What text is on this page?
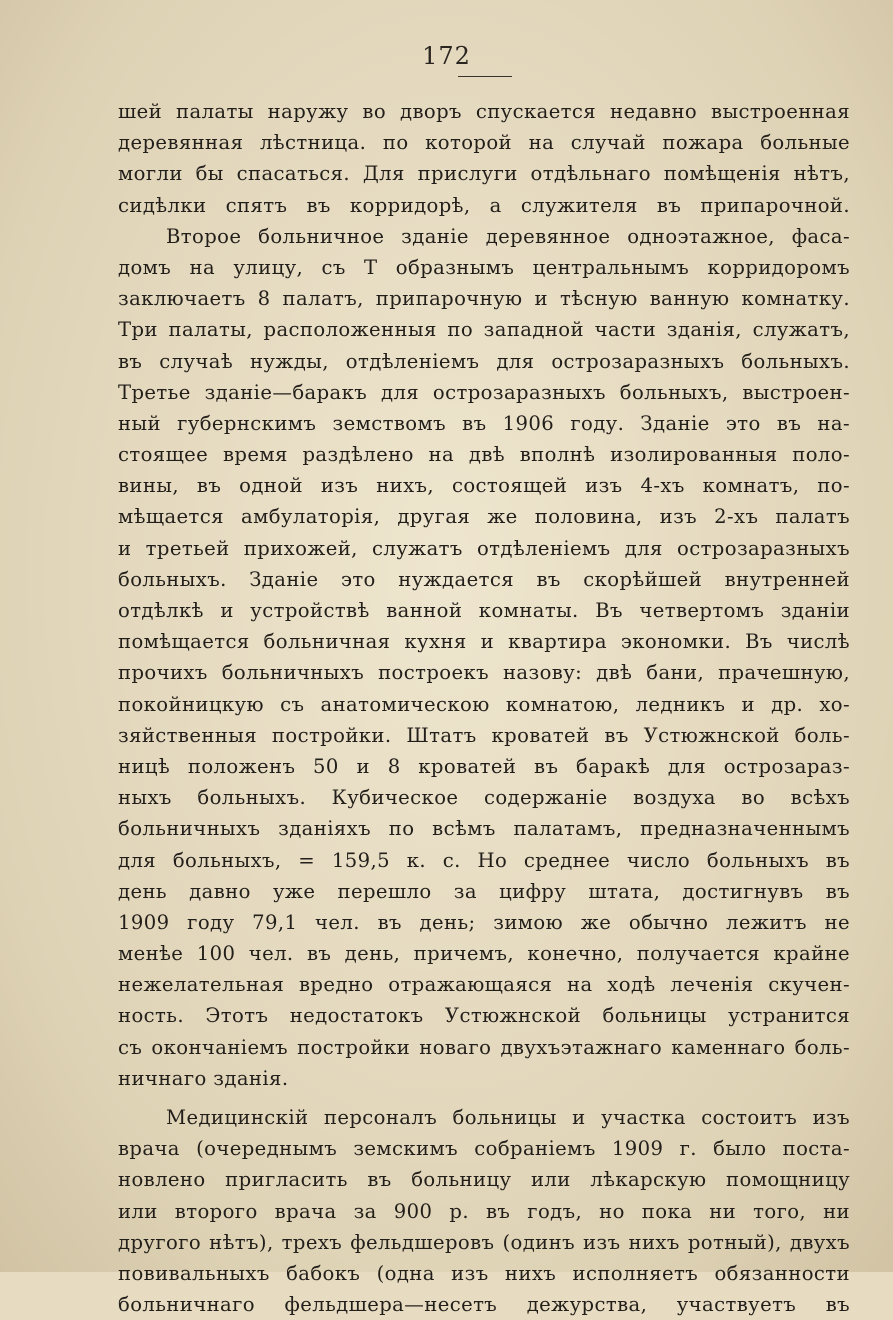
172
шей палаты наружу во дворъ спускается недавно выстроенная
деревянная лѣстница. по которой на случай пожара больные
могли бы спасаться. Для прислуги отдѣльнаго помѣщенія нѣтъ,
сидѣлки спятъ въ корридорѣ, а служителя въ припарочной.
Второе больничное зданіе деревянное одноэтажное, фаса-
домъ на улицу, съ Т образнымъ центральнымъ корридоромъ
заключаетъ 8 палатъ, припарочную и тѣсную ванную комнатку.
Три палаты, расположенныя по западной части зданія, служатъ,
въ случаѣ нужды, отдѣленіемъ для острозаразныхъ больныхъ.
Третье зданіе—баракъ для острозаразныхъ больныхъ, выстроен-
ный губернскимъ земствомъ въ 1906 году. Зданіе это въ на-
стоящее время раздѣлено на двѣ вполнѣ изолированныя поло-
вины, въ одной изъ нихъ, состоящей изъ 4-хъ комнатъ, по-
мѣщается амбулаторія, другая же половина, изъ 2-хъ палатъ
и третьей прихожей, служатъ отдѣленіемъ для острозаразныхъ
больныхъ. Зданіе это нуждается въ скорѣйшей внутренней
отдѣлкѣ и устройствѣ ванной комнаты. Въ четвертомъ зданіи
помѣщается больничная кухня и квартира экономки. Въ числѣ
прочихъ больничныхъ построекъ назову: двѣ бани, прачешную,
покойницкую съ анатомическою комнатою, ледникъ и др. хо-
зяйственныя постройки. Штатъ кроватей въ Устюжнской боль-
ницѣ положенъ 50 и 8 кроватей въ баракѣ для острозараз-
ныхъ больныхъ. Кубическое содержаніе воздуха во всѣхъ
больничныхъ зданіяхъ по всѣмъ палатамъ, предназначеннымъ
для больныхъ, = 159,5 к. с. Но среднее число больныхъ въ
день давно уже перешло за цифру штата, достигнувъ въ
1909 году 79,1 чел. въ день; зимою же обычно лежитъ не
менѣе 100 чел. въ день, причемъ, конечно, получается крайне
нежелательная вредно отражающаяся на ходѣ леченія скучен-
ность. Этотъ недостатокъ Устюжнской больницы устранится
съ окончаніемъ постройки новаго двухъэтажнаго каменнаго боль-
ничнаго зданія.
Медицинскій персоналъ больницы и участка состоитъ изъ
врача (очереднымъ земскимъ собраніемъ 1909 г. было поста-
новлено пригласить въ больницу или лѣкарскую помощницу
или второго врача за 900 р. въ годъ, но пока ни того, ни
другого нѣтъ), трехъ фельдшеровъ (одинъ изъ нихъ ротный), двухъ
повивальныхъ бабокъ (одна изъ нихъ исполняетъ обязанности
больничнаго фельдшера—несетъ дежурства, участвуетъ въ
